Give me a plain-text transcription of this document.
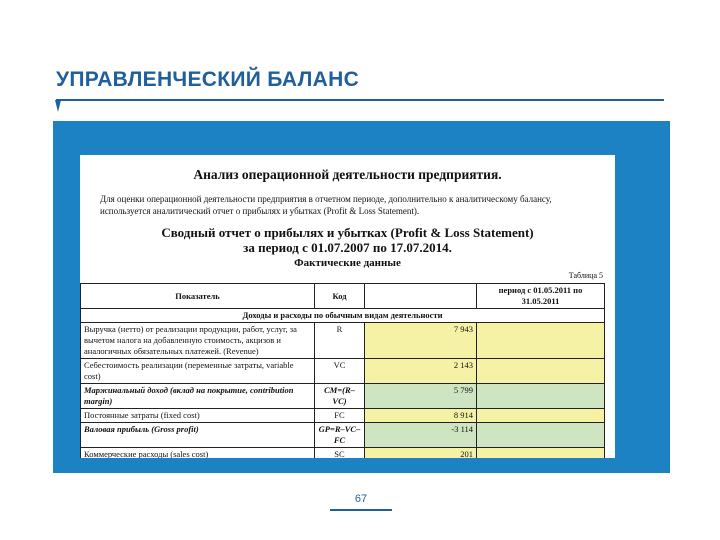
УПРАВЛЕНЧЕСКИЙ БАЛАНС
Анализ операционной деятельности предприятия.
Для оценки операционной деятельности предприятия в отчетном периоде, дополнительно к аналитическому балансу, используется аналитический отчет о прибылях и убытках (Profit & Loss Statement).
Сводный отчет о прибылях и убытках (Profit & Loss Statement)
за период с 01.07.2007 по 17.07.2014.
Фактические данные
Таблица 5
Показатель	Код		период с 01.05.2011 по 31.05.2011
Доходы и расходы по обычным видам деятельности			
Выручка (нетто) от реализации продукции, работ, услуг, за вычетом налога на добавленную стоимость, акцизов и аналогичных обязательных платежей. (Revenue)	R	7 943	
Себестоимость реализации (переменные затраты, variable cost)	VC	2 143	
Маржинальный доход (вклад на покрытие, contribution margin)	CM=(R–VC)	5 799	
Постоянные затраты (fixed cost)	FC	8 914	
Валовая прибыль (Gross profit)	GP=R–VC–FC	-3 114	
Коммерческие расходы (sales cost)	SC	201	
67
